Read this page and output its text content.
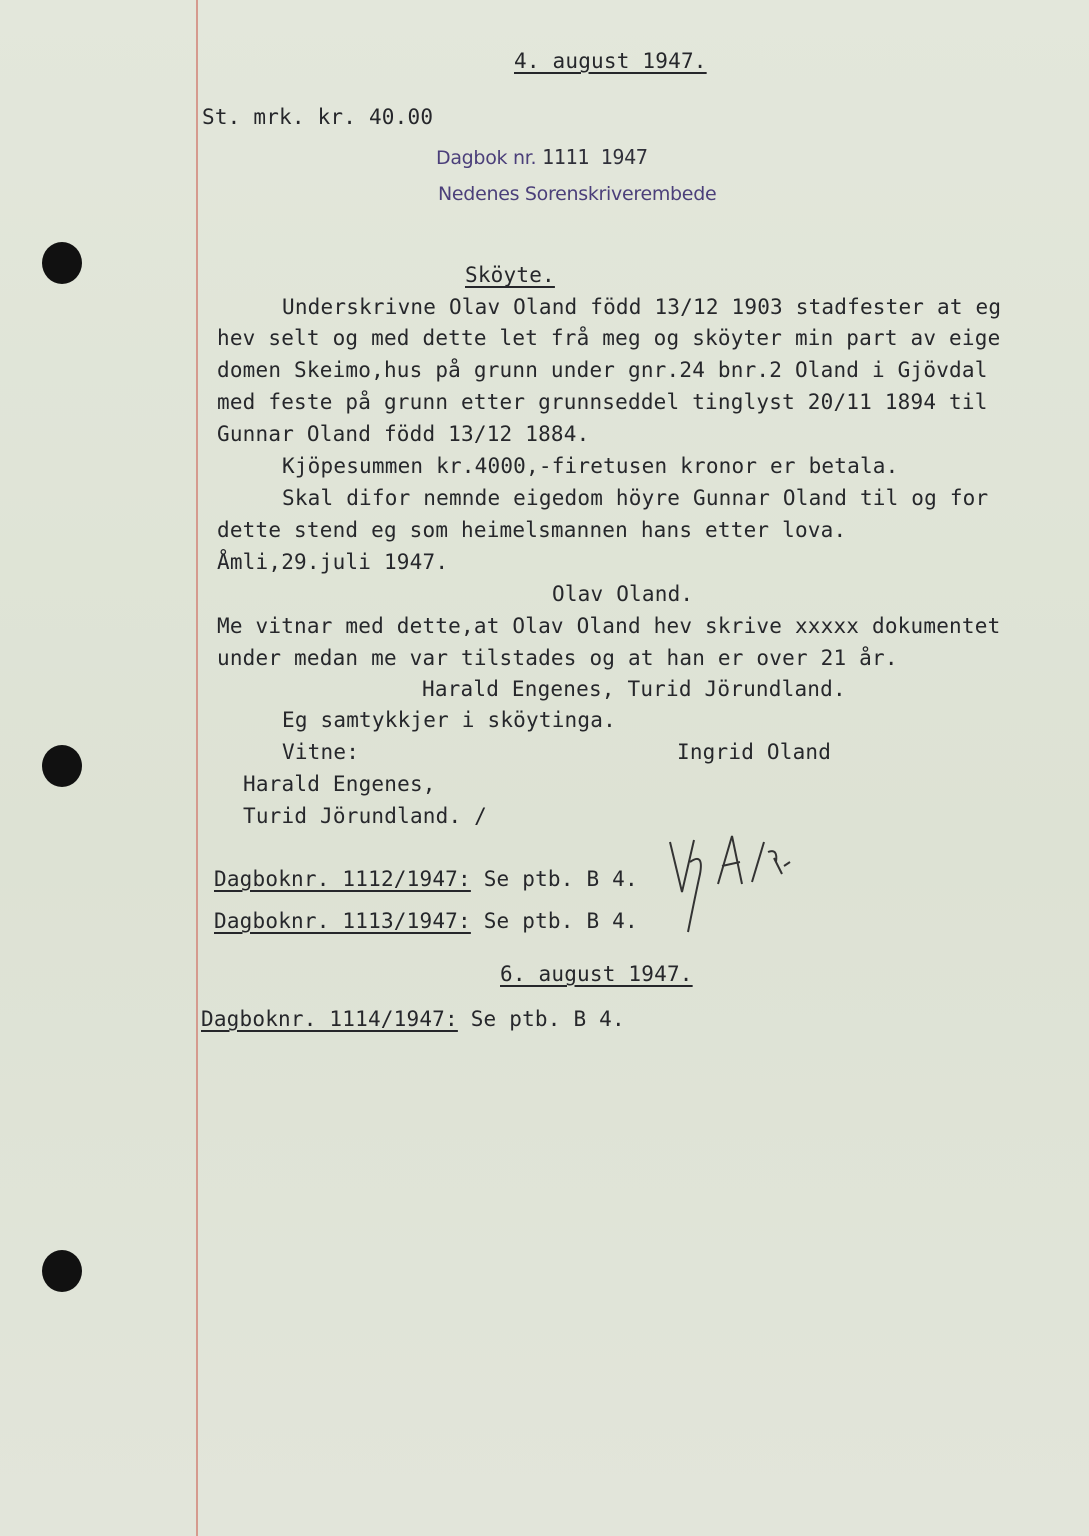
4. august 1947.
St. mrk. kr. 40.00
Dagbok nr. 1111 1947
Nedenes Sorenskriverembede
Sköyte.
Underskrivne Olav Oland född 13/12 1903 stadfester at eg
hev selt og med dette let frå meg og sköyter min part av eige
domen Skeimo,hus på grunn under gnr.24 bnr.2 Oland i Gjövdal
med feste på grunn etter grunnseddel tinglyst 20/11 1894 til
Gunnar Oland född 13/12 1884.
Kjöpesummen kr.4000,-firetusen kronor er betala.
Skal difor nemnde eigedom höyre Gunnar Oland til og for
dette stend eg som heimelsmannen hans etter lova.
Åmli,29.juli 1947.
Olav Oland.
Me vitnar med dette,at Olav Oland hev skrive xxxxx dokumentet
under medan me var tilstades og at han er over 21 år.
Harald Engenes, Turid Jörundland.
Eg samtykkjer i sköytinga.
Vitne:	Ingrid Oland
Harald Engenes,
Turid Jörundland. /
Dagboknr. 1112/1947: Se ptb. B 4.
Dagboknr. 1113/1947: Se ptb. B 4.
6. august 1947.
Dagboknr. 1114/1947: Se ptb. B 4.
